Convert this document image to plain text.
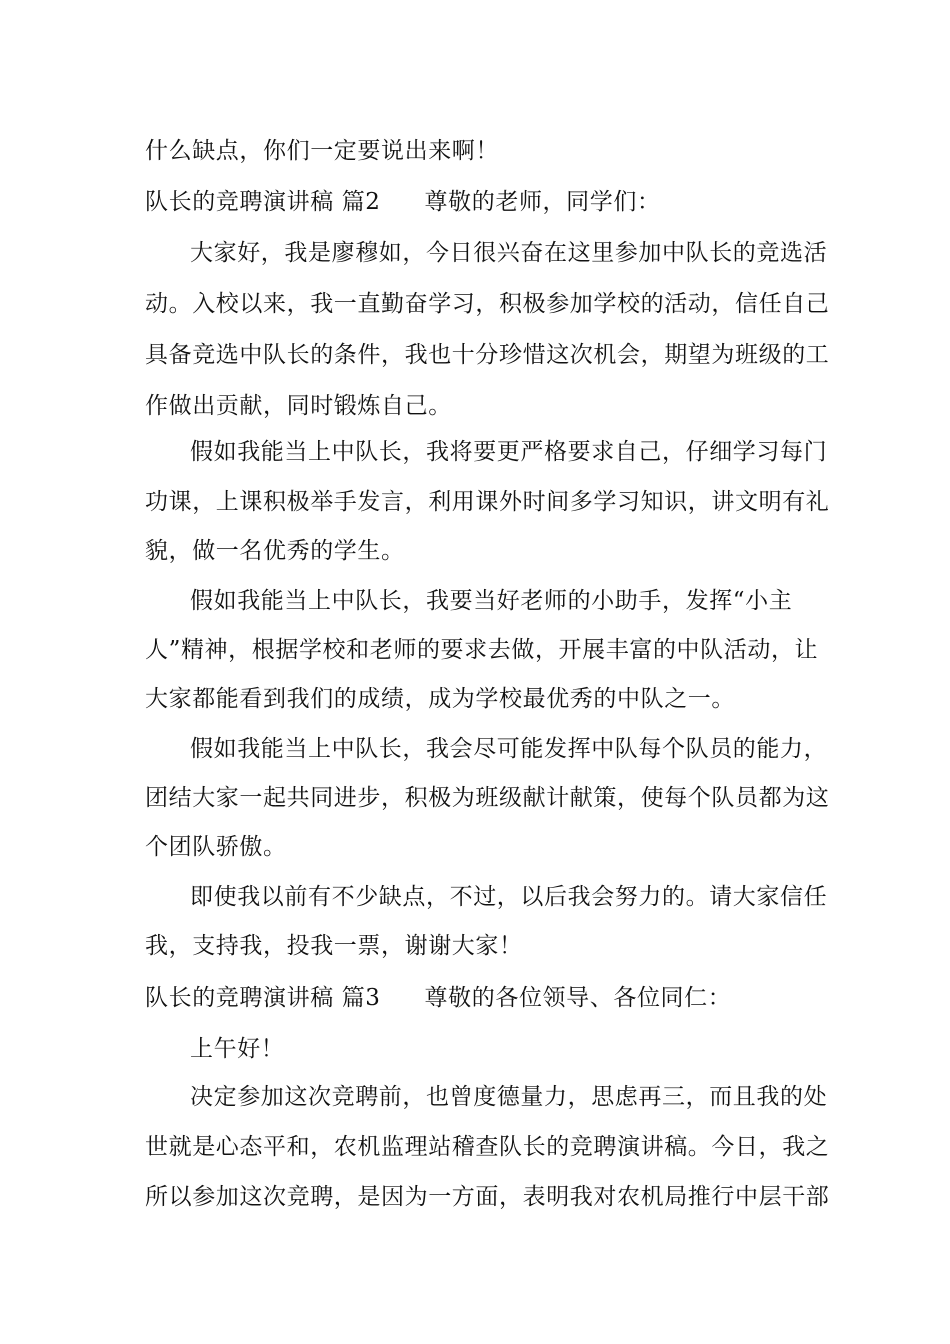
什么缺点，你们一定要说出来啊！
队长的竞聘演讲稿 篇2 尊敬的老师，同学们：
大家好，我是廖穆如，今日很兴奋在这里参加中队长的竞选活
动。入校以来，我一直勤奋学习，积极参加学校的活动，信任自己
具备竞选中队长的条件，我也十分珍惜这次机会，期望为班级的工
作做出贡献，同时锻炼自己。
假如我能当上中队长，我将要更严格要求自己，仔细学习每门
功课，上课积极举手发言，利用课外时间多学习知识，讲文明有礼
貌，做一名优秀的学生。
假如我能当上中队长，我要当好老师的小助手，发挥“小主
人”精神，根据学校和老师的要求去做，开展丰富的中队活动，让
大家都能看到我们的成绩，成为学校最优秀的中队之一。
假如我能当上中队长，我会尽可能发挥中队每个队员的能力，
团结大家一起共同进步，积极为班级献计献策，使每个队员都为这
个团队骄傲。
即使我以前有不少缺点，不过，以后我会努力的。请大家信任
我，支持我，投我一票，谢谢大家！
队长的竞聘演讲稿 篇3 尊敬的各位领导、各位同仁：
上午好！
决定参加这次竞聘前，也曾度德量力，思虑再三，而且我的处
世就是心态平和，农机监理站稽查队长的竞聘演讲稿。今日，我之
所以参加这次竞聘，是因为一方面，表明我对农机局推行中层干部
